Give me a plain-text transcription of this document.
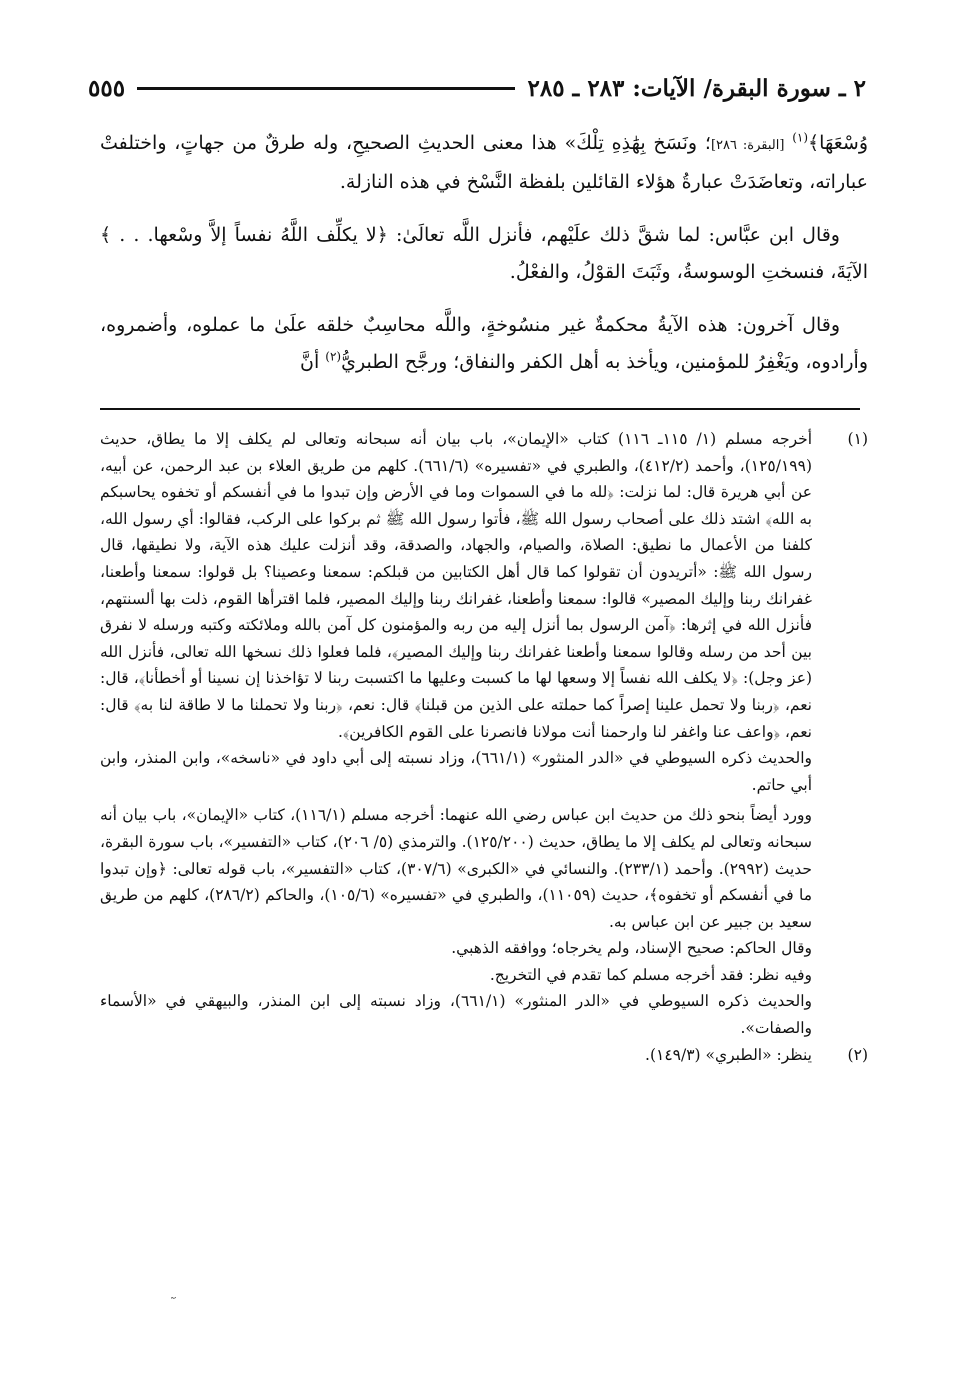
٢ ـ سورة البقرة/ الآيات: ٢٨٣ ـ ٢٨٥
٥٥٥

وُسْعَهَا﴾$^{(١)}$ [البقرة: ٢٨٦]؛ ونَسَخ بِهَٰذِهِ تِلْكَ» هذا معنى الحديثِ الصحيحِ، وله طرقٌ من جهاتٍ، واختلفتْ عباراته، وتعاضَدَتْ عبارةُ هؤلاء القائلين بلفظة النَّسْخ في هذه النازلة.

وقال ابن عبَّاس: لما شقَّ ذلك علَيْهم، فأنزل اللَّه تعالَىٰ: ﴿لا يكلِّف اللَّهُ نفساً إلاَّ وسْعها. . . ﴾ الآيَةَ، فنسختِ الوسوسةُ، وثَبَتَ القوْلُ، والفعْلُ.

وقال آخرون: هذه الآيةُ محكمةٌ غير منسُوخةٍ، واللَّه محاسِبٌ خلقه علَىٰ ما عملوه، وأضمروه، وأرادوه، ويَغْفِرُ للمؤمنين، ويأخذ به أهل الكفر والنفاق؛ ورجَّح الطبريُّ$^{(٢)}$ أنَّ

(١)

أخرجه مسلم (١/ ١١٥ـ ١١٦) كتاب «الإيمان»، باب بيان أنه سبحانه وتعالى لم يكلف إلا ما يطاق، حديث (١٢٥/١٩٩)، وأحمد (٤١٢/٢)، والطبري في «تفسيره» (٦٦١/٦). كلهم من طريق العلاء بن عبد الرحمن، عن أبيه، عن أبي هريرة قال: لما نزلت: ﴿لله ما في السموات وما في الأرض وإن تبدوا ما في أنفسكم أو تخفوه يحاسبكم به الله﴾ اشتد ذلك على أصحاب رسول الله ﷺ، فأتوا رسول الله ﷺ ثم بركوا على الركب، فقالوا: أي رسول الله، كلفنا من الأعمال ما نطيق: الصلاة، والصيام، والجهاد، والصدقة، وقد أنزلت عليك هذه الآية، ولا نطيقها، قال رسول الله ﷺ: «أتريدون أن تقولوا كما قال أهل الكتابين من قبلكم: سمعنا وعصينا؟ بل قولوا: سمعنا وأطعنا، غفرانك ربنا وإليك المصير» قالوا: سمعنا وأطعنا، غفرانك ربنا وإليك المصير، فلما اقترأها القوم، ذلت بها ألسنتهم، فأنزل الله في إثرها: ﴿آمن الرسول بما أنزل إليه من ربه والمؤمنون كل آمن بالله وملائكته وكتبه ورسله لا نفرق بين أحد من رسله وقالوا سمعنا وأطعنا غفرانك ربنا وإليك المصير﴾، فلما فعلوا ذلك نسخها الله تعالى، فأنزل الله (عز وجل): ﴿لا يكلف الله نفساً إلا وسعها لها ما كسبت وعليها ما اكتسبت ربنا لا تؤاخذنا إن نسينا أو أخطأنا﴾، قال: نعم، ﴿ربنا ولا تحمل علينا إصراً كما حملته على الذين من قبلنا﴾ قال: نعم، ﴿ربنا ولا تحملنا ما لا طاقة لنا به﴾ قال: نعم، ﴿واعف عنا واغفر لنا وارحمنا أنت مولانا فانصرنا على القوم الكافرين﴾.

والحديث ذكره السيوطي في «الدر المنثور» (٦٦١/١)، وزاد نسبته إلى أبي داود في «ناسخه»، وابن المنذر، وابن أبي حاتم.

وورد أيضاً بنحو ذلك من حديث ابن عباس رضي الله عنهما: أخرجه مسلم (١١٦/١)، كتاب «الإيمان»، باب بيان أنه سبحانه وتعالى لم يكلف إلا ما يطاق، حديث (١٢٥/٢٠٠). والترمذي (٥/ ٢٠٦)، كتاب «التفسير»، باب سورة البقرة، حديث (٢٩٩٢). وأحمد (٢٣٣/١). والنسائي في «الكبرى» (٣٠٧/٦)، كتاب «التفسير»، باب قوله تعالى: ﴿وإن تبدوا ما في أنفسكم أو تخفوه﴾، حديث (١١٠٥٩)، والطبري في «تفسيره» (١٠٥/٦)، والحاكم (٢٨٦/٢)، كلهم من طريق سعيد بن جبير عن ابن عباس به.

وقال الحاكم: صحيح الإسناد، ولم يخرجاه؛ ووافقه الذهبي.

وفيه نظر: فقد أخرجه مسلم كما تقدم في التخريج.

والحديث ذكره السيوطي في «الدر المنثور» (٦٦١/١)، وزاد نسبته إلى ابن المنذر، والبيهقي في «الأسماء والصفات».

(٢)

ينظر: «الطبري» (١٤٩/٣).
